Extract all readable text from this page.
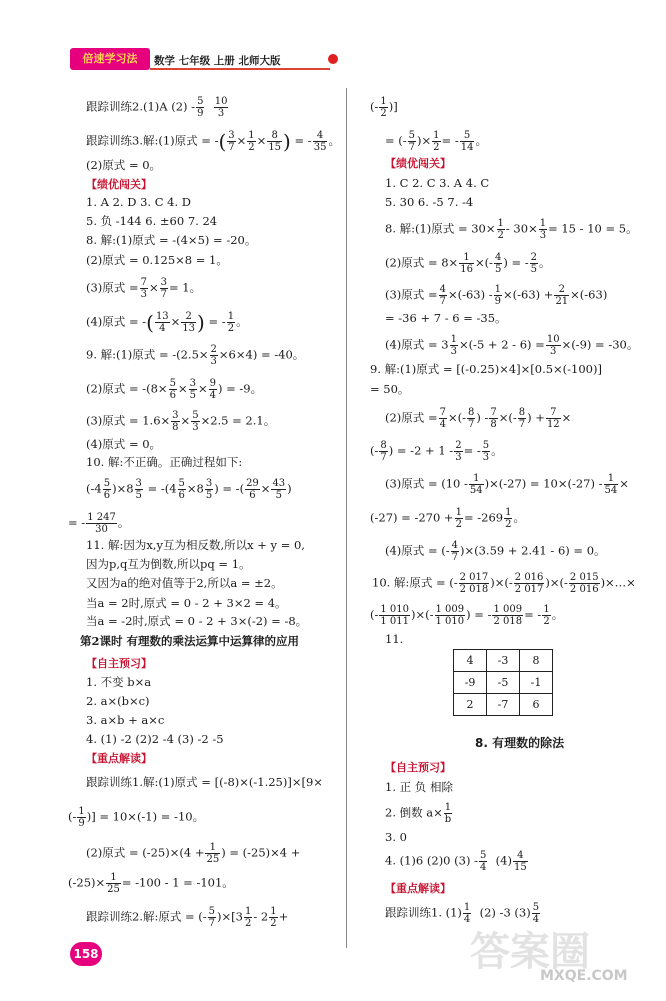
倍速学习法	数学 七年级 上册 北师大版
跟踪训练2.(1)A $(2) - \frac{5}{9}$
$\frac{10}{3}$
跟踪训练3.解:(1)原式 = -( $\frac{3}{7} \times \frac{1}{2} \times \frac{8}{15}$ ) = - $\frac{4}{35}$ 。
(2)原式 = 0。
【绩优闯关】
1. A 2. D 3. C 4. D
5. 负 -144 6. ±60 7. 24
8. 解:(1)原式 = -(4×5) = -20。
(2)原式 = 0.125×8 = 1。
(3)原式 = $\frac{7}{3} \times \frac{3}{7} = 1$。
(4)原式 = -( $\frac{13}{4} \times \frac{2}{13}$ ) = - $\frac{1}{2}$ 。
9. 解:(1)原式 = $-(2.5\times \frac{2}{3} \times 6\times 4) = -40$。
(2)原式 = $-(8\times \frac{5}{6} \times \frac{3}{5} \times \frac{9}{4}$ ) = -9。
(3)原式 = $1.6\times \frac{3}{8} \times \frac{5}{3} \times 2.5 = 2.1$。
(4)原式 = 0。
10. 解:不正确。正确过程如下:
$(-4 \frac{5}{6} )\times 8 \frac{3}{5} = -(4 \frac{5}{6} \times 8 \frac{3}{5}$ ) = -( $\frac{29}{6} \times \frac{43}{5}$ )
= - $\frac{1 247}{30}$ 。
11. 解:因为x,y互为相反数,所以x + y = 0,
因为p,q互为倒数,所以pq = 1。
又因为a的绝对值等于2,所以a = ±2。
当a = 2时,原式 = 0 - 2 + 3×2 = 4。
当a = -2时,原式 = 0 - 2 + 3×(-2) = -8。
第2课时 有理数的乘法运算中运算律的应用
【自主预习】
1. 不变 b×a
2. a×(b×c)
3. a×b + a×c
4. (1) -2 (2)2 -4 (3) -2 -5
【重点解读】
跟踪训练1.解:(1)原式 = [(-8)×(-1.25)]×[9×
(- $\frac{1}{9}$ )] = 10×(-1) = -10。
(2)原式 = $(-25)\times(4 + \frac{1}{25}$ ) = (-25)×4 +
$(-25)\times \frac{1}{25} = -100 - 1 = -101$。
跟踪训练2.解:原式 = (- $\frac{5}{7} )\times[3 \frac{1}{2} - 2 \frac{1}{2}$ +
(- $\frac{1}{2}$ )]
= (- $\frac{5}{7}$ )× $\frac{1}{2}$ = - $\frac{5}{14}$ 。
【绩优闯关】
1. C 2. C 3. A 4. C
5. 30 6. -5 7. -4
8. 解:(1)原式 = $30\times \frac{1}{2} - 30\times \frac{1}{3} = 15 - 10 = 5$。
(2)原式 = $8\times \frac{1}{16}$ ×(- $\frac{4}{5}$ ) = - $\frac{2}{5}$ 。
(3)原式 = $\frac{4}{7} \times(-63) - \frac{1}{9} \times(-63) + \frac{2}{21} \times(-63)$
= -36 + 7 - 6 = -35。
(4)原式 = $3 \frac{1}{3} \times(-5 + 2 - 6) = \frac{10}{3} \times(-9) = -30$。
9. 解:(1)原式 = [(-0.25)×4]×[0.5×(-100)]
= 50。
(2)原式 = $\frac{7}{4}$ ×(- $\frac{8}{7}$ ) - $\frac{7}{8}$ ×(- $\frac{8}{7}$ ) + $\frac{7}{12}$ ×
(- $\frac{8}{7}$ ) = $-2 + 1 - \frac{2}{3}$ = - $\frac{5}{3}$ 。
(3)原式 = $(10 - \frac{1}{54} )\times(-27) = 10\times(-27) - \frac{1}{54}$ ×
$(-27) = -270 + \frac{1}{2} = -269 \frac{1}{2}$ 。
(4)原式 = (- $\frac{4}{7} )\times(3.59 + 2.41 - 6) = 0$。
10. 解:原式 = (- $\frac{2 017}{2 018}$ )×(- $\frac{2 016}{2 017}$ )×(- $\frac{2 015}{2 016}$ )×…×
(- $\frac{1 010}{1 011}$ )×(- $\frac{1 009}{1 010}$ ) = - $\frac{1 009}{2 018}$ = - $\frac{1}{2}$ 。
11.
4	-3	8
-9	-5	-1
2	-7	6
8. 有理数的除法
【自主预习】
1. 正 负 相除
2. 倒数 $a\times \frac{1}{b}$
3. 0
4. (1)6 (2)0 $(3) - \frac{5}{4} (4) \frac{4}{15}$
【重点解读】
跟踪训练1. $(1) \frac{1}{4} (2)$ -3 $(3) \frac{5}{4}$
158	答案圈
MXQE.COM
